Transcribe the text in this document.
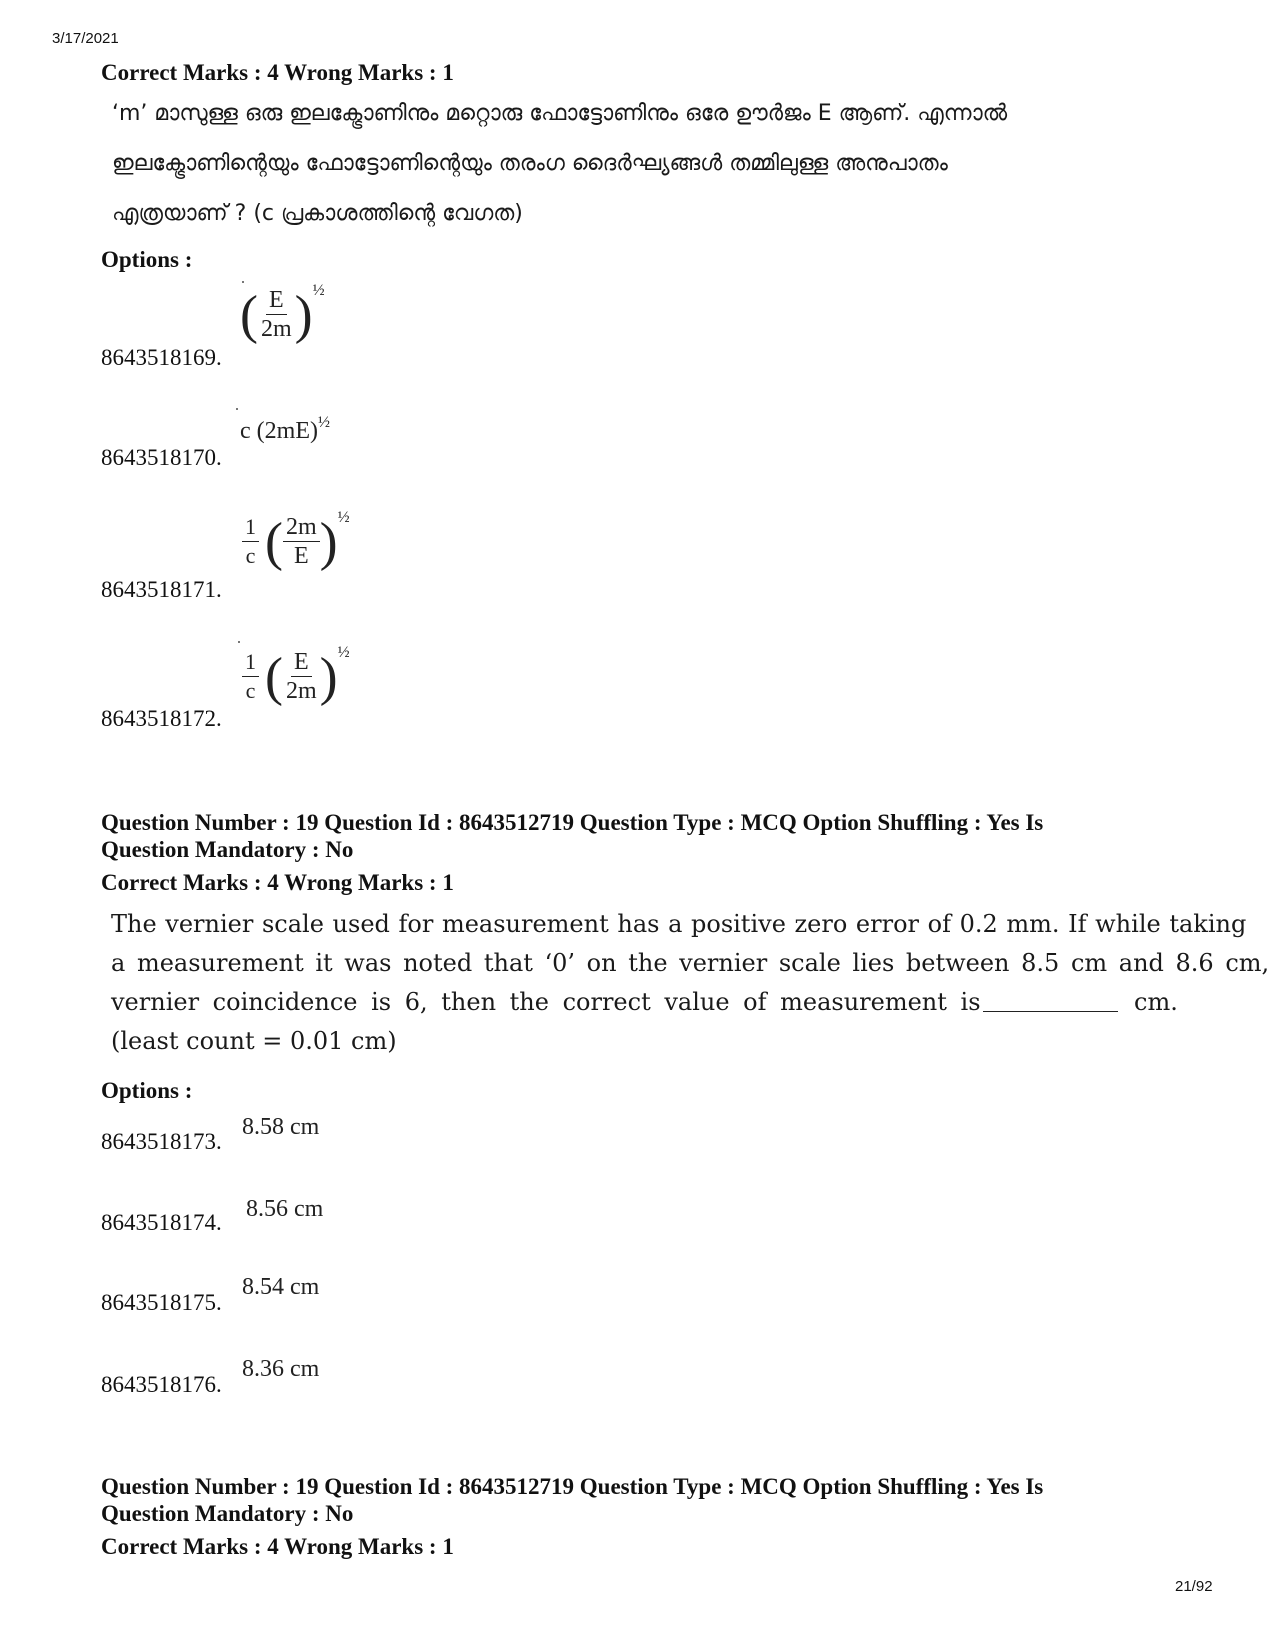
3/17/2021
21/92
Correct Marks : 4 Wrong Marks : 1
‘m’ മാസുള്ള ഒരു ഇലക്ട്രോണിനും മറ്റൊരു ഫോട്ടോണിനും ഒരേ ഊർജം E ആണ്. എന്നാൽ
ഇലക്ട്രോണിന്റെയും ഫോട്ടോണിന്റെയും തരംഗ ദൈർഘ്യങ്ങൾ തമ്മിലുള്ള അനുപാതം
എത്രയാണ് ? (c പ്രകാശത്തിന്റെ വേഗത)
Options :
8643518169.
( $\frac{E}{2m} )^{\frac{1}{2}}$
8643518170.
c $(2mE)^{\frac{1}{2}}$
8643518171.
$\frac{1}{c}$ ( $\frac{2m}{E} )^{\frac{1}{2}}$
8643518172.
$\frac{1}{c}$ ( $\frac{E}{2m} )^{\frac{1}{2}}$
Question Number : 19 Question Id : 8643512719 Question Type : MCQ Option Shuffling : Yes Is
Question Mandatory : No
Correct Marks : 4 Wrong Marks : 1
The vernier scale used for measurement has a positive zero error of 0.2 mm. If while taking
a measurement it was noted that ‘0’ on the vernier scale lies between 8.5 cm and 8.6 cm,
vernier coincidence is 6, then the correct value of measurement is	cm.
(least count = 0.01 cm)
Options :
8643518173.
8.58 cm
8643518174.
8.56 cm
8643518175.
8.54 cm
8643518176.
8.36 cm
Question Number : 19 Question Id : 8643512719 Question Type : MCQ Option Shuffling : Yes Is
Question Mandatory : No
Correct Marks : 4 Wrong Marks : 1
